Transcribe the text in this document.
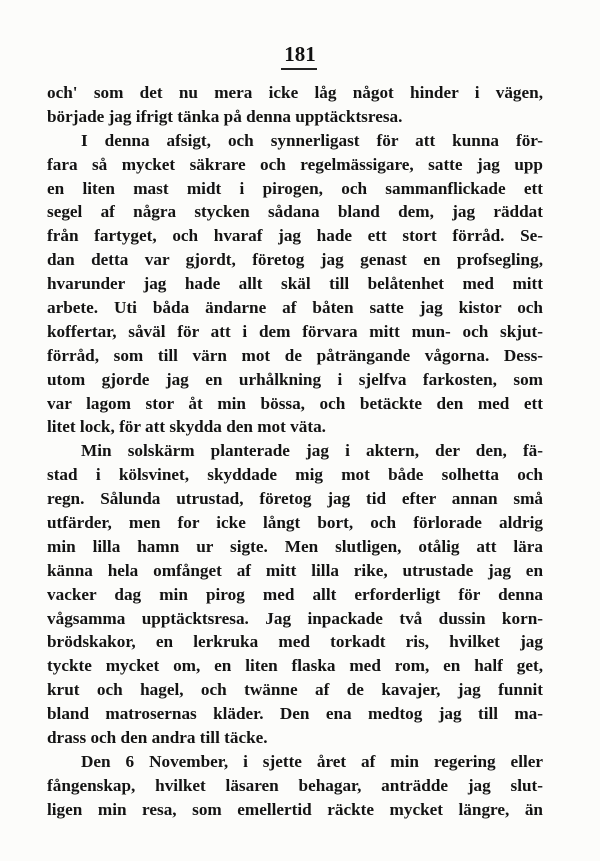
181
och' som det nu mera icke låg något hinder i vägen,
började jag ifrigt tänka på denna upptäcktsresa.
I denna afsigt, och synnerligast för att kunna för-
fara så mycket säkrare och regelmässigare, satte jag upp
en liten mast midt i pirogen, och sammanflickade ett
segel af några stycken sådana bland dem, jag räddat
från fartyget, och hvaraf jag hade ett stort förråd. Se-
dan detta var gjordt, företog jag genast en profsegling,
hvarunder jag hade allt skäl till belåtenhet med mitt
arbete. Uti båda ändarne af båten satte jag kistor och
koffertar, såväl för att i dem förvara mitt mun- och skjut-
förråd, som till värn mot de påträngande vågorna. Dess-
utom gjorde jag en urhålkning i sjelfva farkosten, som
var lagom stor åt min bössa, och betäckte den med ett
litet lock, för att skydda den mot väta.
Min solskärm planterade jag i aktern, der den, fä-
stad i kölsvinet, skyddade mig mot både solhetta och
regn. Sålunda utrustad, företog jag tid efter annan små
utfärder, men for icke långt bort, och förlorade aldrig
min lilla hamn ur sigte. Men slutligen, otålig att lära
känna hela omfånget af mitt lilla rike, utrustade jag en
vacker dag min pirog med allt erforderligt för denna
vågsamma upptäcktsresa. Jag inpackade två dussin korn-
brödskakor, en lerkruka med torkadt ris, hvilket jag
tyckte mycket om, en liten flaska med rom, en half get,
krut och hagel, och twänne af de kavajer, jag funnit
bland matrosernas kläder. Den ena medtog jag till ma-
drass och den andra till täcke.
Den 6 November, i sjette året af min regering eller
fångenskap, hvilket läsaren behagar, anträdde jag slut-
ligen min resa, som emellertid räckte mycket längre, än
